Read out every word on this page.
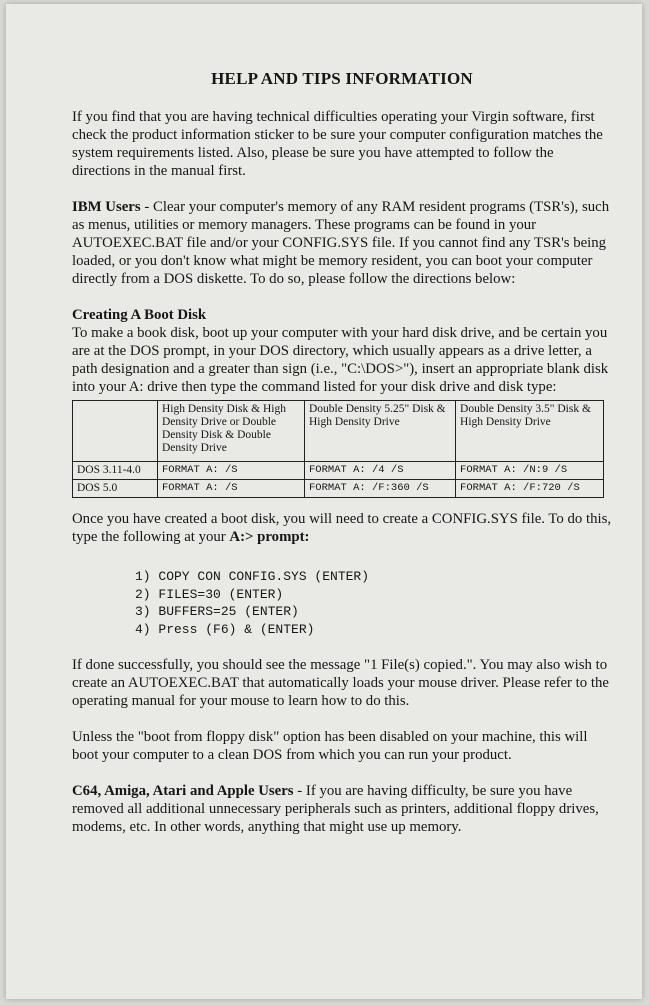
HELP AND TIPS INFORMATION

If you find that you are having technical difficulties operating your Virgin software, first check the product information sticker to be sure your computer configuration matches the system requirements listed. Also, please be sure you have attempted to follow the directions in the manual first.

IBM Users - Clear your computer's memory of any RAM resident programs (TSR's), such as menus, utilities or memory managers. These programs can be found in your AUTOEXEC.BAT file and/or your CONFIG.SYS file. If you cannot find any TSR's being loaded, or you don't know what might be memory resident, you can boot your computer directly from a DOS diskette. To do so, please follow the directions below:

Creating A Boot Disk
To make a book disk, boot up your computer with your hard disk drive, and be certain you are at the DOS prompt, in your DOS directory, which usually appears as a drive letter, a path designation and a greater than sign (i.e., "C:\DOS>"), insert an appropriate blank disk into your A: drive then type the command listed for your disk drive and disk type:
	High Density Disk & High Density Drive or Double Density Disk & Double Density Drive	Double Density 5.25" Disk & High Density Drive	Double Density 3.5" Disk & High Density Drive
DOS 3.11-4.0	FORMAT A: /S	FORMAT A: /4 /S	FORMAT A: /N:9 /S
DOS 5.0	FORMAT A: /S	FORMAT A: /F:360 /S	FORMAT A: /F:720 /S

Once you have created a boot disk, you will need to create a CONFIG.SYS file. To do this, type the following at your A:> prompt:

1) COPY CON CONFIG.SYS (ENTER)
2) FILES=30 (ENTER)
3) BUFFERS=25 (ENTER)
4) Press (F6) & (ENTER)

If done successfully, you should see the message "1 File(s) copied.". You may also wish to create an AUTOEXEC.BAT that automatically loads your mouse driver. Please refer to the operating manual for your mouse to learn how to do this.

Unless the "boot from floppy disk" option has been disabled on your machine, this will boot your computer to a clean DOS from which you can run your product.

C64, Amiga, Atari and Apple Users - If you are having difficulty, be sure you have removed all additional unnecessary peripherals such as printers, additional floppy drives, modems, etc. In other words, anything that might use up memory.
